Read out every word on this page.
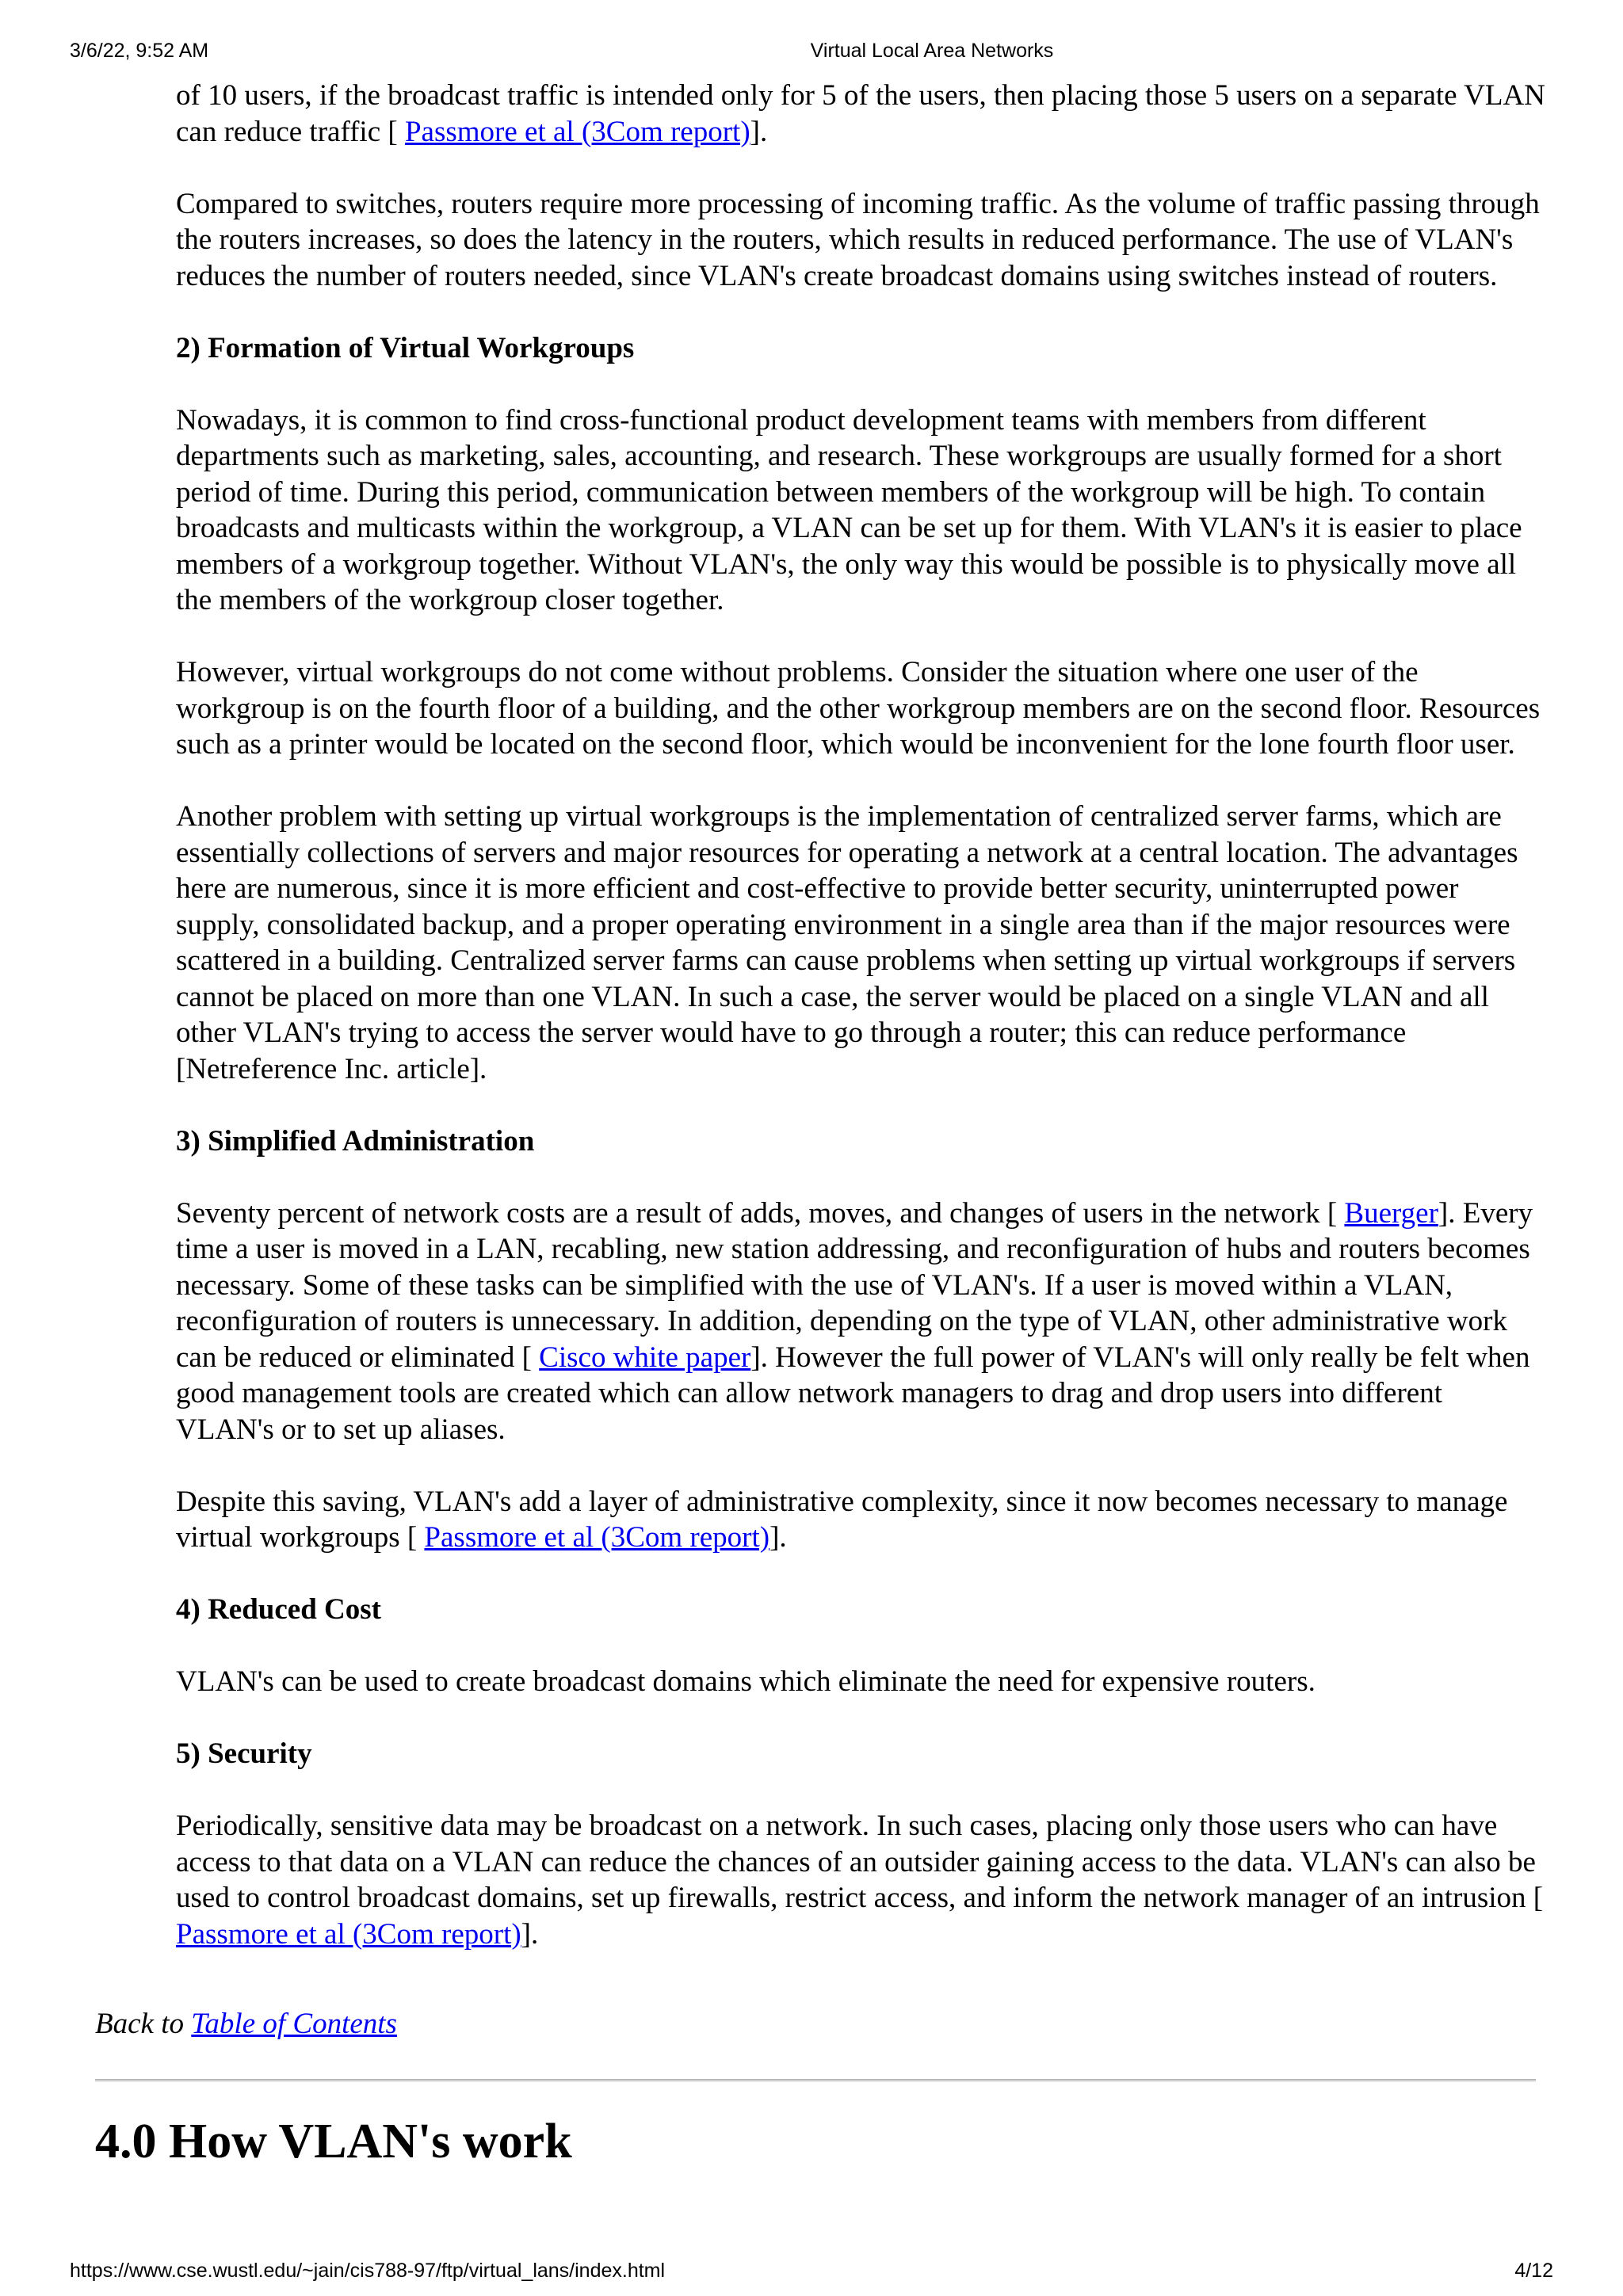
3/6/22, 9:52 AM	Virtual Local Area Networks

of 10 users, if the broadcast traffic is intended only for 5 of the users, then placing those 5 users on a separate VLAN can reduce traffic [ Passmore et al (3Com report)].

Compared to switches, routers require more processing of incoming traffic. As the volume of traffic passing through the routers increases, so does the latency in the routers, which results in reduced performance. The use of VLAN's reduces the number of routers needed, since VLAN's create broadcast domains using switches instead of routers.

2) Formation of Virtual Workgroups

Nowadays, it is common to find cross-functional product development teams with members from different departments such as marketing, sales, accounting, and research. These workgroups are usually formed for a short period of time. During this period, communication between members of the workgroup will be high. To contain broadcasts and multicasts within the workgroup, a VLAN can be set up for them. With VLAN's it is easier to place members of a workgroup together. Without VLAN's, the only way this would be possible is to physically move all the members of the workgroup closer together.

However, virtual workgroups do not come without problems. Consider the situation where one user of the workgroup is on the fourth floor of a building, and the other workgroup members are on the second floor. Resources such as a printer would be located on the second floor, which would be inconvenient for the lone fourth floor user.

Another problem with setting up virtual workgroups is the implementation of centralized server farms, which are essentially collections of servers and major resources for operating a network at a central location. The advantages here are numerous, since it is more efficient and cost-effective to provide better security, uninterrupted power supply, consolidated backup, and a proper operating environment in a single area than if the major resources were scattered in a building. Centralized server farms can cause problems when setting up virtual workgroups if servers cannot be placed on more than one VLAN. In such a case, the server would be placed on a single VLAN and all other VLAN's trying to access the server would have to go through a router; this can reduce performance [Netreference Inc. article].

3) Simplified Administration

Seventy percent of network costs are a result of adds, moves, and changes of users in the network [ Buerger]. Every time a user is moved in a LAN, recabling, new station addressing, and reconfiguration of hubs and routers becomes necessary. Some of these tasks can be simplified with the use of VLAN's. If a user is moved within a VLAN, reconfiguration of routers is unnecessary. In addition, depending on the type of VLAN, other administrative work can be reduced or eliminated [ Cisco white paper]. However the full power of VLAN's will only really be felt when good management tools are created which can allow network managers to drag and drop users into different VLAN's or to set up aliases.

Despite this saving, VLAN's add a layer of administrative complexity, since it now becomes necessary to manage virtual workgroups [ Passmore et al (3Com report)].

4) Reduced Cost

VLAN's can be used to create broadcast domains which eliminate the need for expensive routers.

5) Security

Periodically, sensitive data may be broadcast on a network. In such cases, placing only those users who can have access to that data on a VLAN can reduce the chances of an outsider gaining access to the data. VLAN's can also be used to control broadcast domains, set up firewalls, restrict access, and inform the network manager of an intrusion [ Passmore et al (3Com report)].

Back to Table of Contents
4.0 How VLAN's work
https://www.cse.wustl.edu/~jain/cis788-97/ftp/virtual_lans/index.html	4/12
